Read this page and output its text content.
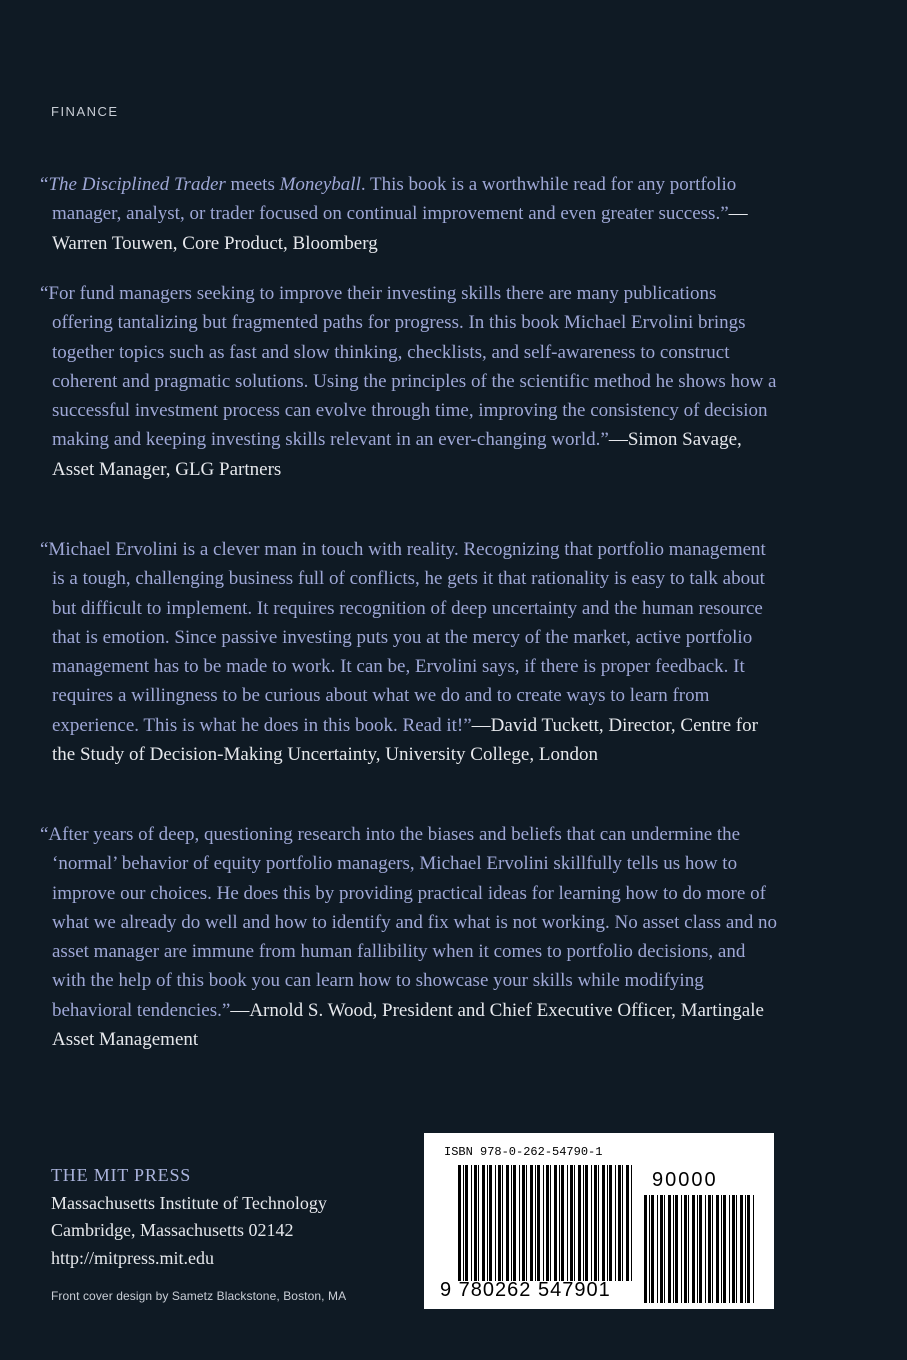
FINANCE

“The Disciplined Trader meets Moneyball. This book is a worthwhile read for any portfolio manager, analyst, or trader focused on continual improvement and even greater success.”—Warren Touwen, Core Product, Bloomberg

“For fund managers seeking to improve their investing skills there are many publications offering tantalizing but fragmented paths for progress. In this book Michael Ervolini brings together topics such as fast and slow thinking, checklists, and self-awareness to construct coherent and pragmatic solutions. Using the principles of the scientific method he shows how a successful investment process can evolve through time, improving the consistency of decision making and keeping investing skills relevant in an ever-changing world.”—Simon Savage, Asset Manager, GLG Partners

“Michael Ervolini is a clever man in touch with reality. Recognizing that portfolio management is a tough, challenging business full of conflicts, he gets it that rationality is easy to talk about but difficult to implement. It requires recognition of deep uncertainty and the human resource that is emotion. Since passive investing puts you at the mercy of the market, active portfolio management has to be made to work. It can be, Ervolini says, if there is proper feedback. It requires a willingness to be curious about what we do and to create ways to learn from experience. This is what he does in this book. Read it!”—David Tuckett, Director, Centre for the Study of Decision-Making Uncertainty, University College, London

“After years of deep, questioning research into the biases and beliefs that can undermine the ‘normal’ behavior of equity portfolio managers, Michael Ervolini skillfully tells us how to improve our choices. He does this by providing practical ideas for learning how to do more of what we already do well and how to identify and fix what is not working. No asset class and no asset manager are immune from human fallibility when it comes to portfolio decisions, and with the help of this book you can learn how to showcase your skills while modifying behavioral tendencies.”—Arnold S. Wood, President and Chief Executive Officer, Martingale Asset Management

THE MIT PRESS
Massachusetts Institute of Technology
Cambridge, Massachusetts 02142
http://mitpress.mit.edu
Front cover design by Sametz Blackstone, Boston, MA
ISBN 978-0-262-54790-1
9 780262 547901
90000
